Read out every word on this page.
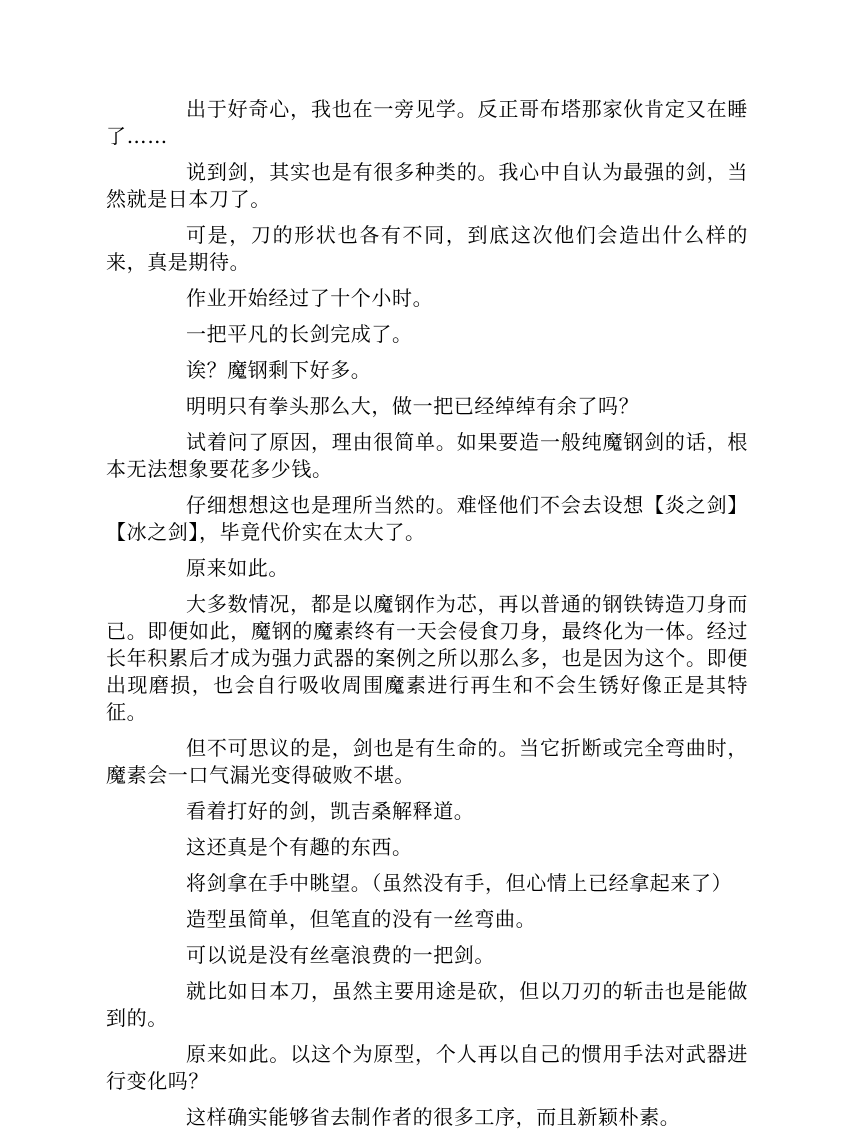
出于好奇心，我也在一旁见学。反正哥布塔那家伙肯定又在睡了……

说到剑，其实也是有很多种类的。我心中自认为最强的剑，当然就是日本刀了。

可是，刀的形状也各有不同，到底这次他们会造出什么样的来，真是期待。

作业开始经过了十个小时。

一把平凡的长剑完成了。

诶？魔钢剩下好多。

明明只有拳头那么大，做一把已经绰绰有余了吗？

试着问了原因，理由很简单。如果要造一般纯魔钢剑的话，根本无法想象要花多少钱。

仔细想想这也是理所当然的。难怪他们不会去设想【炎之剑】【冰之剑】，毕竟代价实在太大了。

原来如此。

大多数情况，都是以魔钢作为芯，再以普通的钢铁铸造刀身而已。即便如此，魔钢的魔素终有一天会侵食刀身，最终化为一体。经过长年积累后才成为强力武器的案例之所以那么多，也是因为这个。即便出现磨损，也会自行吸收周围魔素进行再生和不会生锈好像正是其特征。

但不可思议的是，剑也是有生命的。当它折断或完全弯曲时，魔素会一口气漏光变得破败不堪。

看着打好的剑，凯吉桑解释道。

这还真是个有趣的东西。

将剑拿在手中眺望。（虽然没有手，但心情上已经拿起来了）

造型虽简单，但笔直的没有一丝弯曲。

可以说是没有丝毫浪费的一把剑。

就比如日本刀，虽然主要用途是砍，但以刀刃的斩击也是能做到的。

原来如此。以这个为原型，个人再以自己的惯用手法对武器进行变化吗？

这样确实能够省去制作者的很多工序，而且新颖朴素。
